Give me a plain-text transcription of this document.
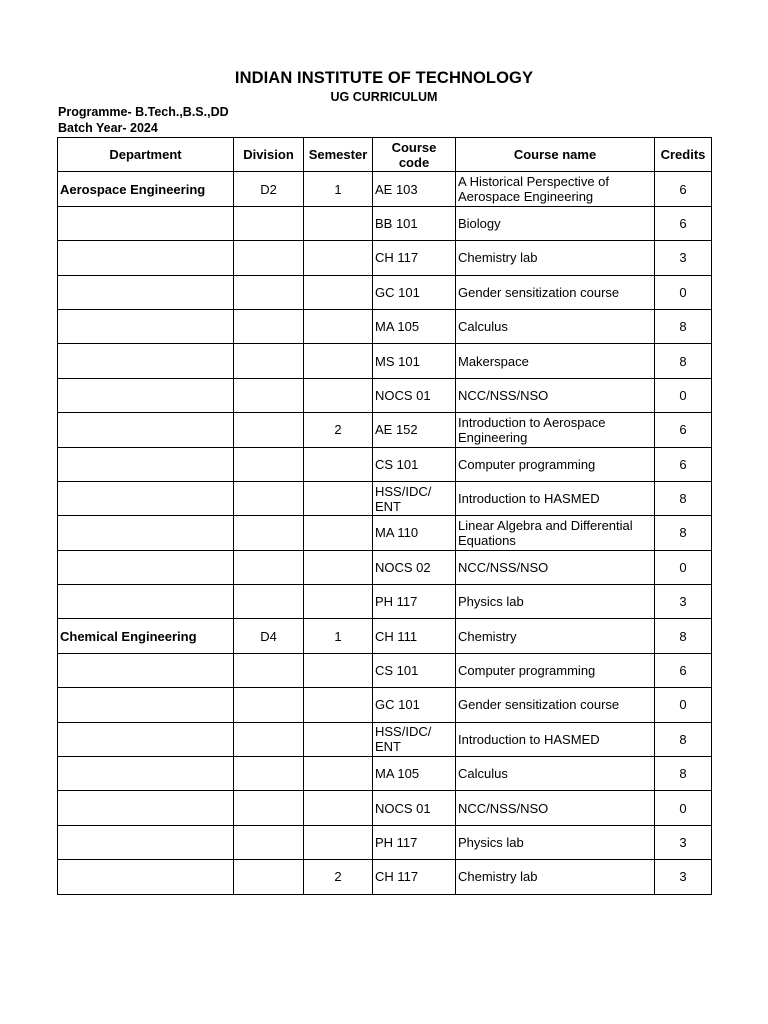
INDIAN INSTITUTE OF TECHNOLOGY
UG CURRICULUM
Programme- B.Tech.,B.S.,DD
Batch Year- 2024
Department	Division	Semester	Course code	Course name	Credits
Aerospace Engineering	D2	1	AE 103	A Historical Perspective of Aerospace Engineering	6
			BB 101	Biology	6
			CH 117	Chemistry lab	3
			GC 101	Gender sensitization course	0
			MA 105	Calculus	8
			MS 101	Makerspace	8
			NOCS 01	NCC/NSS/NSO	0
		2	AE 152	Introduction to Aerospace Engineering	6
			CS 101	Computer programming	6
			HSS/IDC/ ENT	Introduction to HASMED	8
			MA 110	Linear Algebra and Differential Equations	8
			NOCS 02	NCC/NSS/NSO	0
			PH 117	Physics lab	3
Chemical Engineering	D4	1	CH 111	Chemistry	8
			CS 101	Computer programming	6
			GC 101	Gender sensitization course	0
			HSS/IDC/ ENT	Introduction to HASMED	8
			MA 105	Calculus	8
			NOCS 01	NCC/NSS/NSO	0
			PH 117	Physics lab	3
		2	CH 117	Chemistry lab	3
